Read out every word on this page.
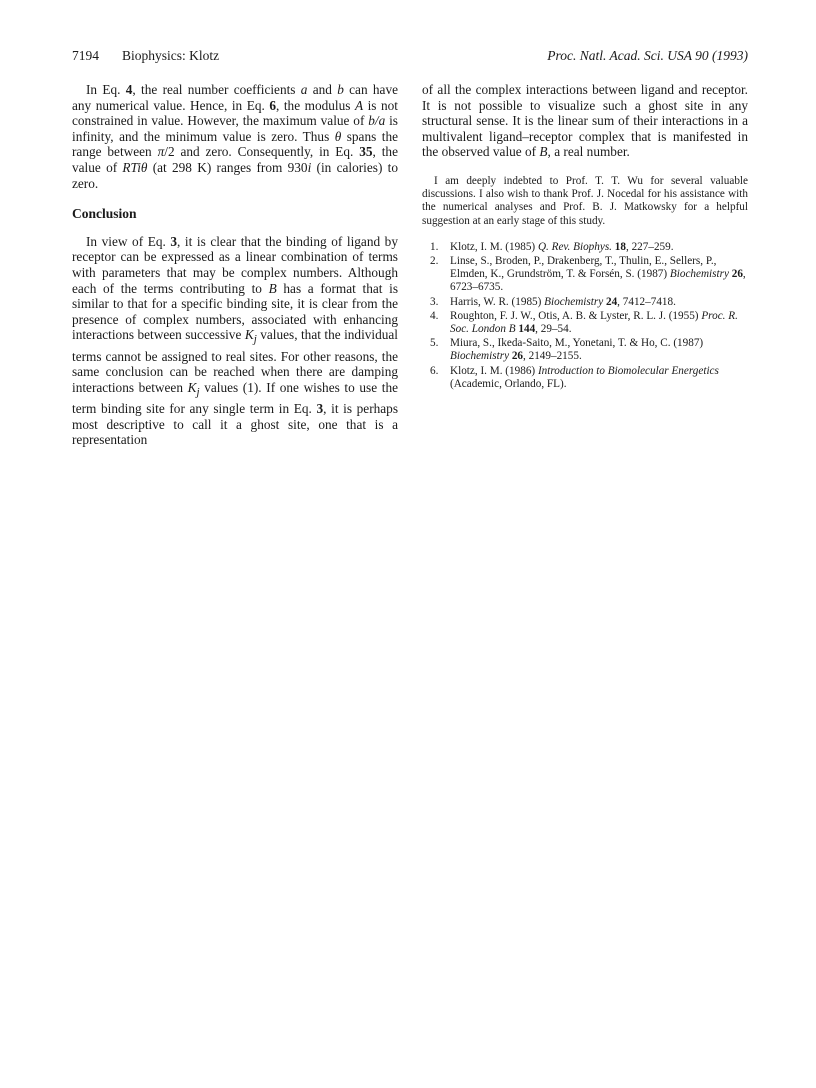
7194 Biophysics: Klotz	Proc. Natl. Acad. Sci. USA 90 (1993)

In Eq. 4, the real number coefficients a and b can have any numerical value. Hence, in Eq. 6, the modulus A is not constrained in value. However, the maximum value of b/a is infinity, and the minimum value is zero. Thus θ spans the range between π/2 and zero. Consequently, in Eq. 35, the value of RTiθ (at 298 K) ranges from 930i (in calories) to zero.

Conclusion

In view of Eq. 3, it is clear that the binding of ligand by receptor can be expressed as a linear combination of terms with parameters that may be complex numbers. Although each of the terms contributing to B has a format that is similar to that for a specific binding site, it is clear from the presence of complex numbers, associated with enhancing interactions between successive $K_j$ values, that the individual terms cannot be assigned to real sites. For other reasons, the same conclusion can be reached when there are damping interactions between $K_j$ values (1). If one wishes to use the term binding site for any single term in Eq. 3, it is perhaps most descriptive to call it a ghost site, one that is a representation

of all the complex interactions between ligand and receptor. It is not possible to visualize such a ghost site in any structural sense. It is the linear sum of their interactions in a multivalent ligand–receptor complex that is manifested in the observed value of B, a real number.

I am deeply indebted to Prof. T. T. Wu for several valuable discussions. I also wish to thank Prof. J. Nocedal for his assistance with the numerical analyses and Prof. B. J. Matkowsky for a helpful suggestion at an early stage of this study.

1. Klotz, I. M. (1985) Q. Rev. Biophys. 18, 227–259.
2. Linse, S., Broden, P., Drakenberg, T., Thulin, E., Sellers, P., Elmden, K., Grundström, T. & Forsén, S. (1987) Biochemistry 26, 6723–6735.
3. Harris, W. R. (1985) Biochemistry 24, 7412–7418.
4. Roughton, F. J. W., Otis, A. B. & Lyster, R. L. J. (1955) Proc. R. Soc. London B 144, 29–54.
5. Miura, S., Ikeda-Saito, M., Yonetani, T. & Ho, C. (1987) Biochemistry 26, 2149–2155.
6. Klotz, I. M. (1986) Introduction to Biomolecular Energetics (Academic, Orlando, FL).
